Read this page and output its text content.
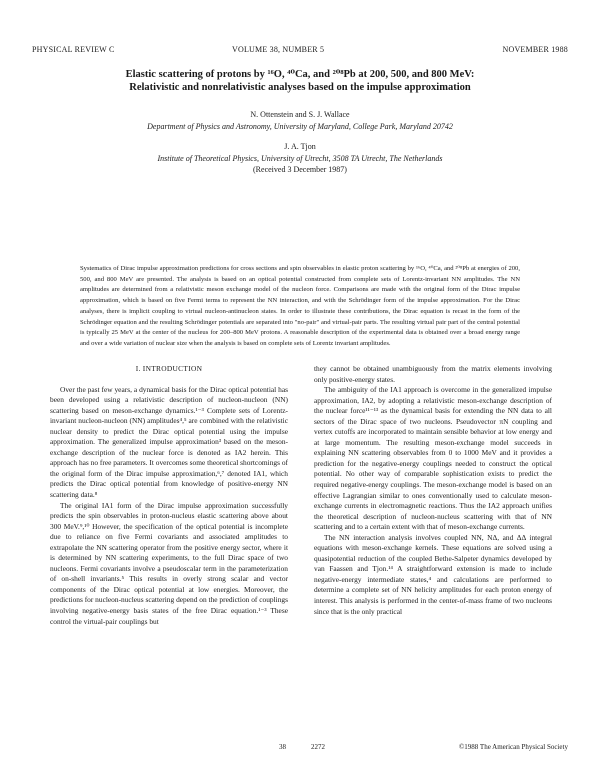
PHYSICAL REVIEW C	VOLUME 38, NUMBER 5	NOVEMBER 1988
Elastic scattering of protons by ¹⁶O, ⁴⁰Ca, and ²⁰⁸Pb at 200, 500, and 800 MeV:
Relativistic and nonrelativistic analyses based on the impulse approximation
N. Ottenstein and S. J. Wallace
Department of Physics and Astronomy, University of Maryland, College Park, Maryland 20742
J. A. Tjon
Institute of Theoretical Physics, University of Utrecht, 3508 TA Utrecht, The Netherlands
(Received 3 December 1987)
Systematics of Dirac impulse approximation predictions for cross sections and spin observables in elastic proton scattering by ¹⁶O, ⁴⁰Ca, and ²⁰⁸Pb at energies of 200, 500, and 800 MeV are presented. The analysis is based on an optical potential constructed from complete sets of Lorentz-invariant NN amplitudes. The NN amplitudes are determined from a relativistic meson exchange model of the nucleon force. Comparisons are made with the original form of the Dirac impulse approximation, which is based on five Fermi terms to represent the NN interaction, and with the Schrödinger form of the impulse approximation. For the Dirac analyses, there is implicit coupling to virtual nucleon-antinucleon states. In order to illustrate these contributions, the Dirac equation is recast in the form of the Schrödinger equation and the resulting Schrödinger potentials are separated into "no-pair" and virtual-pair parts. The resulting virtual pair part of the central potential is typically 25 MeV at the center of the nucleus for 200–800 MeV protons. A reasonable description of the experimental data is obtained over a broad energy range and over a wide variation of nuclear size when the analysis is based on complete sets of Lorentz invariant amplitudes.
I. INTRODUCTION

Over the past few years, a dynamical basis for the Dirac optical potential has been developed using a relativistic description of nucleon-nucleon (NN) scattering based on meson-exchange dynamics.¹⁻³ Complete sets of Lorentz-invariant nucleon-nucleon (NN) amplitudes⁴,⁵ are combined with the relativistic nuclear density to predict the Dirac optical potential using the impulse approximation. The generalized impulse approximation³ based on the meson-exchange description of the nuclear force is denoted as IA2 herein. This approach has no free parameters. It overcomes some theoretical shortcomings of the original form of the Dirac impulse approximation,⁶,⁷ denoted IA1, which predicts the Dirac optical potential from knowledge of positive-energy NN scattering data.⁸

The original IA1 form of the Dirac impulse approximation successfully predicts the spin observables in proton-nucleus elastic scattering above about 300 MeV.⁹,¹⁰ However, the specification of the optical potential is incomplete due to reliance on five Fermi covariants and associated amplitudes to extrapolate the NN scattering operator from the positive energy sector, where it is determined by NN scattering experiments, to the full Dirac space of two nucleons. Fermi covariants involve a pseudoscalar term in the parameterization of on-shell invariants.⁵ This results in overly strong scalar and vector components of the Dirac optical potential at low energies. Moreover, the predictions for nucleon-nucleus scattering depend on the prediction of couplings involving negative-energy basis states of the free Dirac equation.¹⁻³ These control the virtual-pair couplings but

they cannot be obtained unambiguously from the matrix elements involving only positive-energy states.

The ambiguity of the IA1 approach is overcome in the generalized impulse approximation, IA2, by adopting a relativistic meson-exchange description of the nuclear force¹¹⁻¹³ as the dynamical basis for extending the NN data to all sectors of the Dirac space of two nucleons. Pseudovector πN coupling and vertex cutoffs are incorporated to maintain sensible behavior at low energy and at large momentum. The resulting meson-exchange model succeeds in explaining NN scattering observables from 0 to 1000 MeV and it provides a prediction for the negative-energy couplings needed to construct the optical potential. No other way of comparable sophistication exists to predict the required negative-energy couplings. The meson-exchange model is based on an effective Lagrangian similar to ones conventionally used to calculate meson-exchange currents in electromagnetic reactions. Thus the IA2 approach unifies the theoretical description of nucleon-nucleus scattering with that of NN scattering and to a certain extent with that of meson-exchange currents.

The NN interaction analysis involves coupled NN, NΔ, and ΔΔ integral equations with meson-exchange kernels. These equations are solved using a quasipotential reduction of the coupled Bethe-Salpeter dynamics developed by van Faassen and Tjon.¹⁴ A straightforward extension is made to include negative-energy intermediate states,⁴ and calculations are performed to determine a complete set of NN helicity amplitudes for each proton energy of interest. This analysis is performed in the center-of-mass frame of two nucleons since that is the only practical

38	2272	©1988 The American Physical Society
